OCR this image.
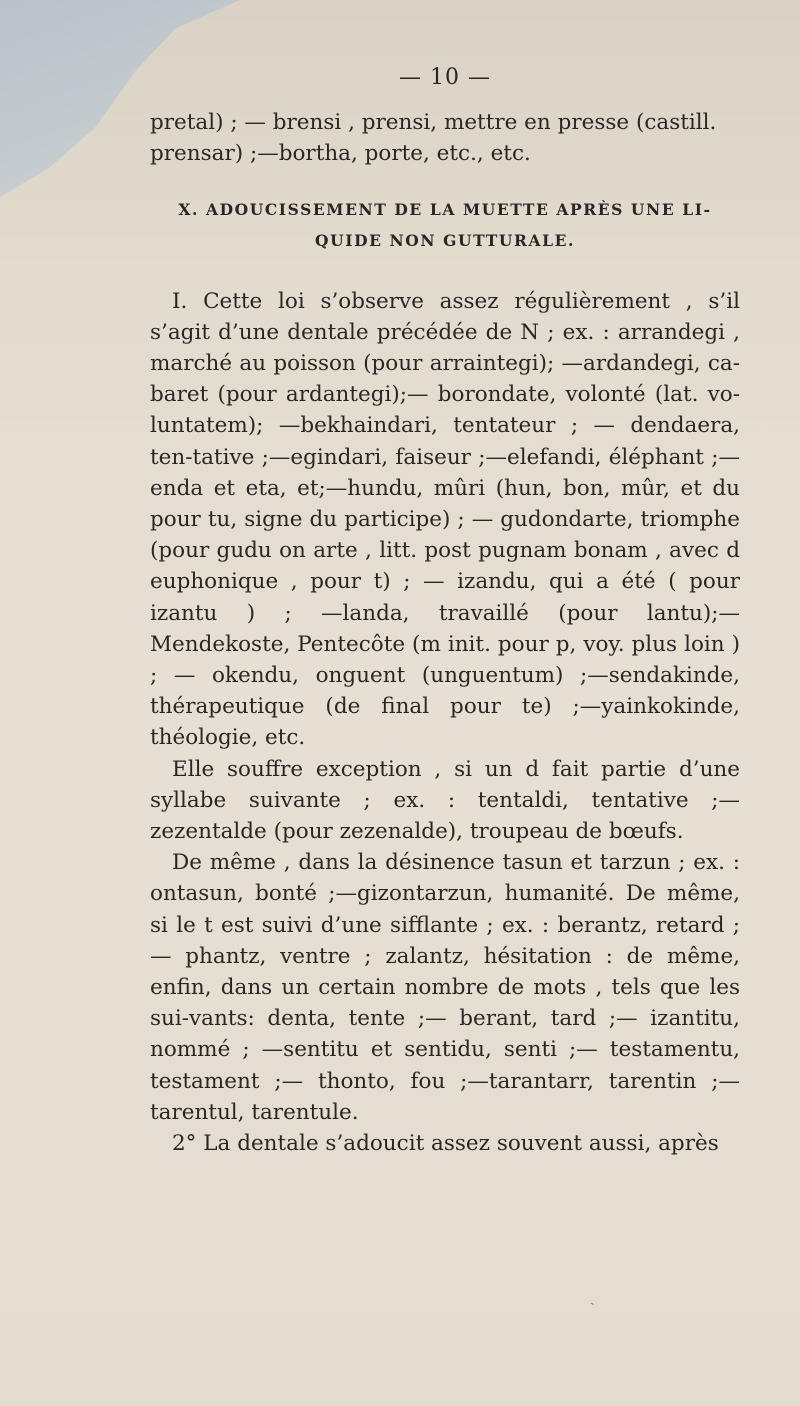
— 10 —

pretal) ; — brensi , prensi, mettre en presse (castill.

prensar) ;—bortha, porte, etc., etc.

X. ADOUCISSEMENT DE LA MUETTE APRÈS UNE LI-
QUIDE NON GUTTURALE.

I. Cette loi s’observe assez régulièrement , s’il s’agit d’une dentale précédée de N ; ex. : arrandegi , marché au poisson (pour arraintegi); —ardandegi, ca-baret (pour ardantegi);— borondate, volonté (lat. vo-luntatem); —bekhaindari, tentateur ; — dendaera, ten-tative ;—egindari, faiseur ;—elefandi, éléphant ;—enda et eta, et;—hundu, mûri (hun, bon, mûr, et du pour tu, signe du participe) ; — gudondarte, triomphe (pour gudu on arte , litt. post pugnam bonam , avec d euphonique , pour t) ; — izandu, qui a été ( pour izantu ) ; —landa, travaillé (pour lantu);— Mendekoste, Pentecôte (m init. pour p, voy. plus loin ) ; — okendu, onguent (unguentum) ;—sendakinde, thérapeutique (de final pour te) ;—yainkokinde, théologie, etc.

Elle souffre exception , si un d fait partie d’une syllabe suivante ; ex. : tentaldi, tentative ;— zezentalde (pour zezenalde), troupeau de bœufs.

De même , dans la désinence tasun et tarzun ; ex. : ontasun, bonté ;—gizontarzun, humanité. De même, si le t est suivi d’une sifflante ; ex. : berantz, retard ;— phantz, ventre ; zalantz, hésitation : de même, enfin, dans un certain nombre de mots , tels que les sui-vants: denta, tente ;— berant, tard ;— izantitu, nommé ; —sentitu et sentidu, senti ;— testamentu, testament ;— thonto, fou ;—tarantarr, tarentin ;— tarentul, tarentule.

2° La dentale s’adoucit assez souvent aussi, après

ˎ
